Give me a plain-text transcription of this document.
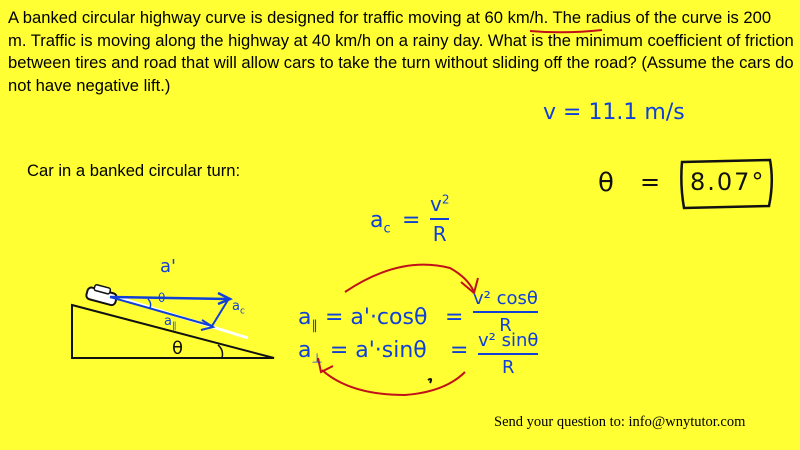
A banked circular highway curve is designed for traffic moving at 60 km/h. The radius of the curve is 200 m. Traffic is moving along the highway at 40 km/h on a rainy day. What is the minimum coefficient of friction between tires and road that will allow cars to take the turn without sliding off the road? (Assume the cars do not have negative lift.)
Car in a banked circular turn:
v = 11.1 m/s
θ = 8.07°
$a_c$ =
$v^2$
R
a'
θ
$a_c$
$a_\parallel$
θ
$a_\parallel = a'\cdot\cos\theta$ =
v² cosθ
R
$a_\perp = a'\cdot\sin\theta = v^2$ sinθ
R
Send your question to: info@wnytutor.com
